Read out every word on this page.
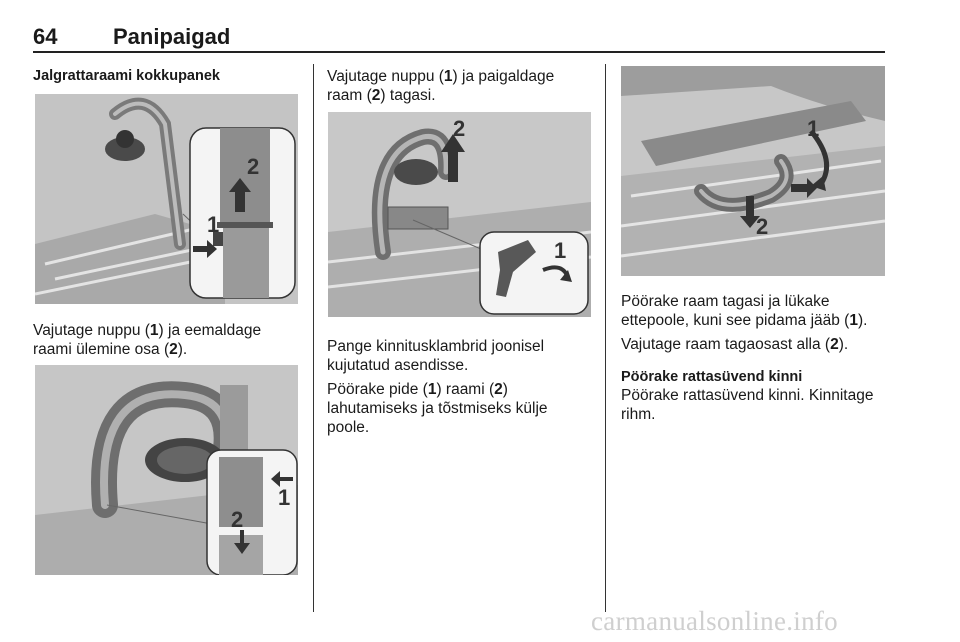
64	Panipaigad
Jalgrattaraami kokkupanek
1
2
Vajutage nuppu (1) ja eemaldage
raami ülemine osa (2).
1
2
Vajutage nuppu (1) ja paigaldage
raam (2) tagasi.
2
1
Pange kinnitusklambrid joonisel
kujutatud asendisse.
Pöörake pide (1) raami (2)
lahutamiseks ja tõstmiseks külje
poole.
1
2
Pöörake raam tagasi ja lükake
ettepoole, kuni see pidama jääb (1).
Vajutage raam tagaosast alla (2).
Pöörake rattasüvend kinni
Pöörake rattasüvend kinni. Kinnitage
rihm.
carmanualsonline.info
